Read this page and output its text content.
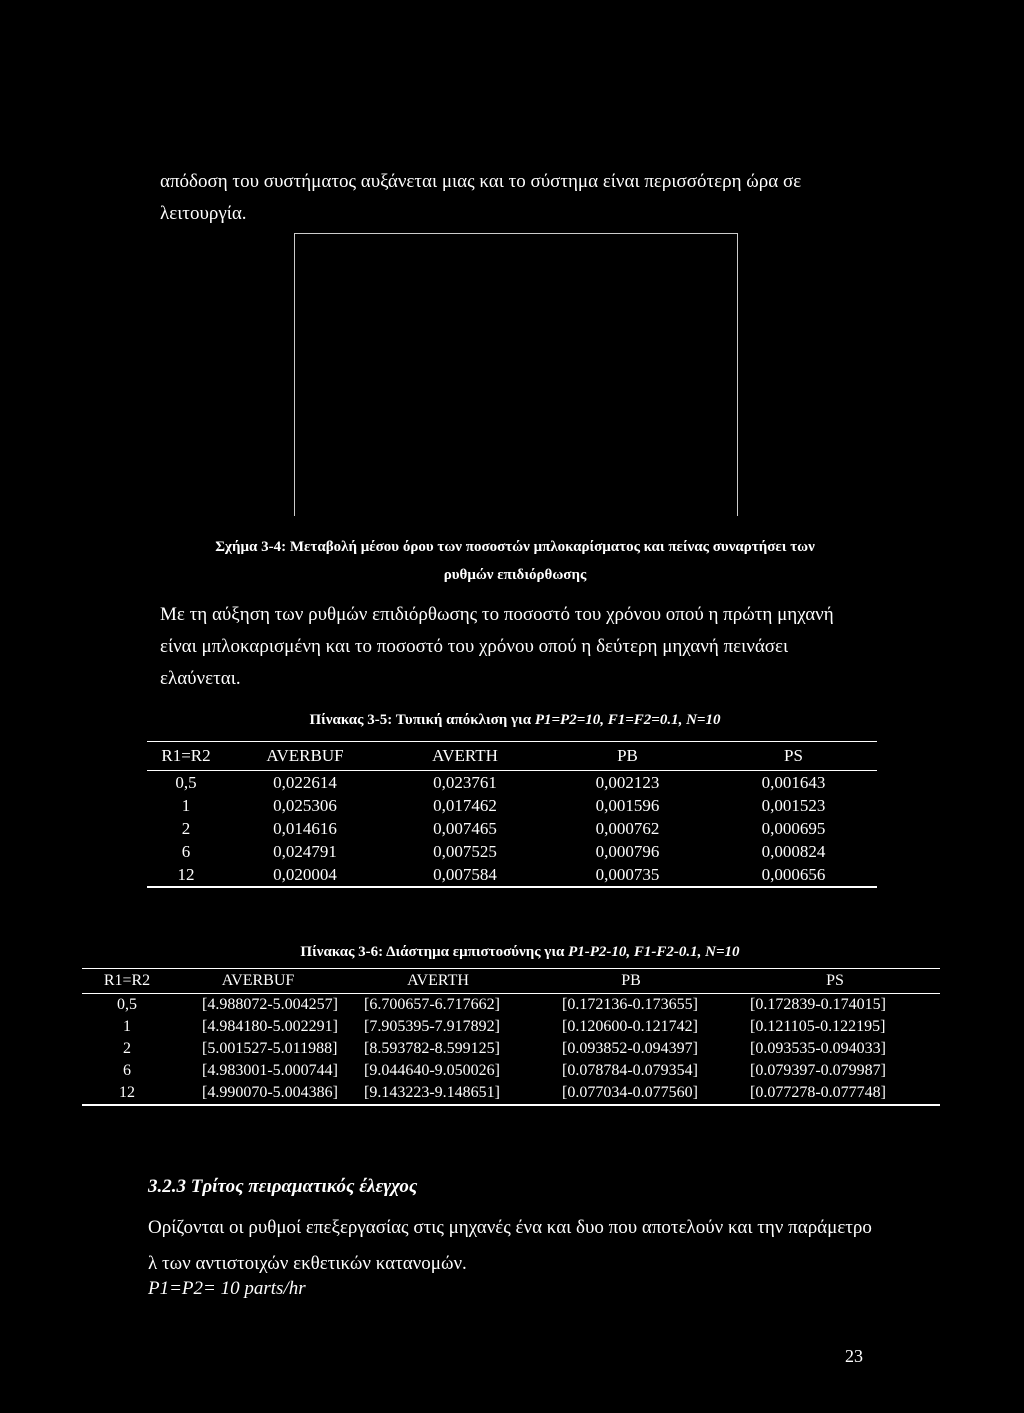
απόδοση του συστήματος αυξάνεται μιας και το σύστημα είναι περισσότερη ώρα σε λειτουργία.
Σχήμα 3-4: Μεταβολή μέσου όρου των ποσοστών μπλοκαρίσματος και πείνας συναρτήσει των
ρυθμών επιδιόρθωσης
Με τη αύξηση των ρυθμών επιδιόρθωσης το ποσοστό του χρόνου οπού η πρώτη μηχανή είναι μπλοκαρισμένη και το ποσοστό του χρόνου οπού η δεύτερη μηχανή πεινάσει ελαύνεται.
Πίνακας 3-5: Τυπική απόκλιση για P1=P2=10, F1=F2=0.1, N=10
R1=R2	AVERBUF	AVERTH	PB	PS
0,5	0,022614	0,023761	0,002123	0,001643
1	0,025306	0,017462	0,001596	0,001523
2	0,014616	0,007465	0,000762	0,000695
6	0,024791	0,007525	0,000796	0,000824
12	0,020004	0,007584	0,000735	0,000656
Πίνακας 3-6: Διάστημα εμπιστοσύνης για P1-P2-10, F1-F2-0.1, N=10
R1=R2	AVERBUF	AVERTH	PB	PS
0,5	[4.988072-5.004257]	[6.700657-6.717662]	[0.172136-0.173655]	[0.172839-0.174015]
1	[4.984180-5.002291]	[7.905395-7.917892]	[0.120600-0.121742]	[0.121105-0.122195]
2	[5.001527-5.011988]	[8.593782-8.599125]	[0.093852-0.094397]	[0.093535-0.094033]
6	[4.983001-5.000744]	[9.044640-9.050026]	[0.078784-0.079354]	[0.079397-0.079987]
12	[4.990070-5.004386]	[9.143223-9.148651]	[0.077034-0.077560]	[0.077278-0.077748]
3.2.3 Τρίτος πειραματικός έλεγχος
Ορίζονται οι ρυθμοί επεξεργασίας στις μηχανές ένα και δυο που αποτελούν και την παράμετρο λ των αντιστοιχών εκθετικών κατανομών.
P1=P2= 10 parts/hr
23
